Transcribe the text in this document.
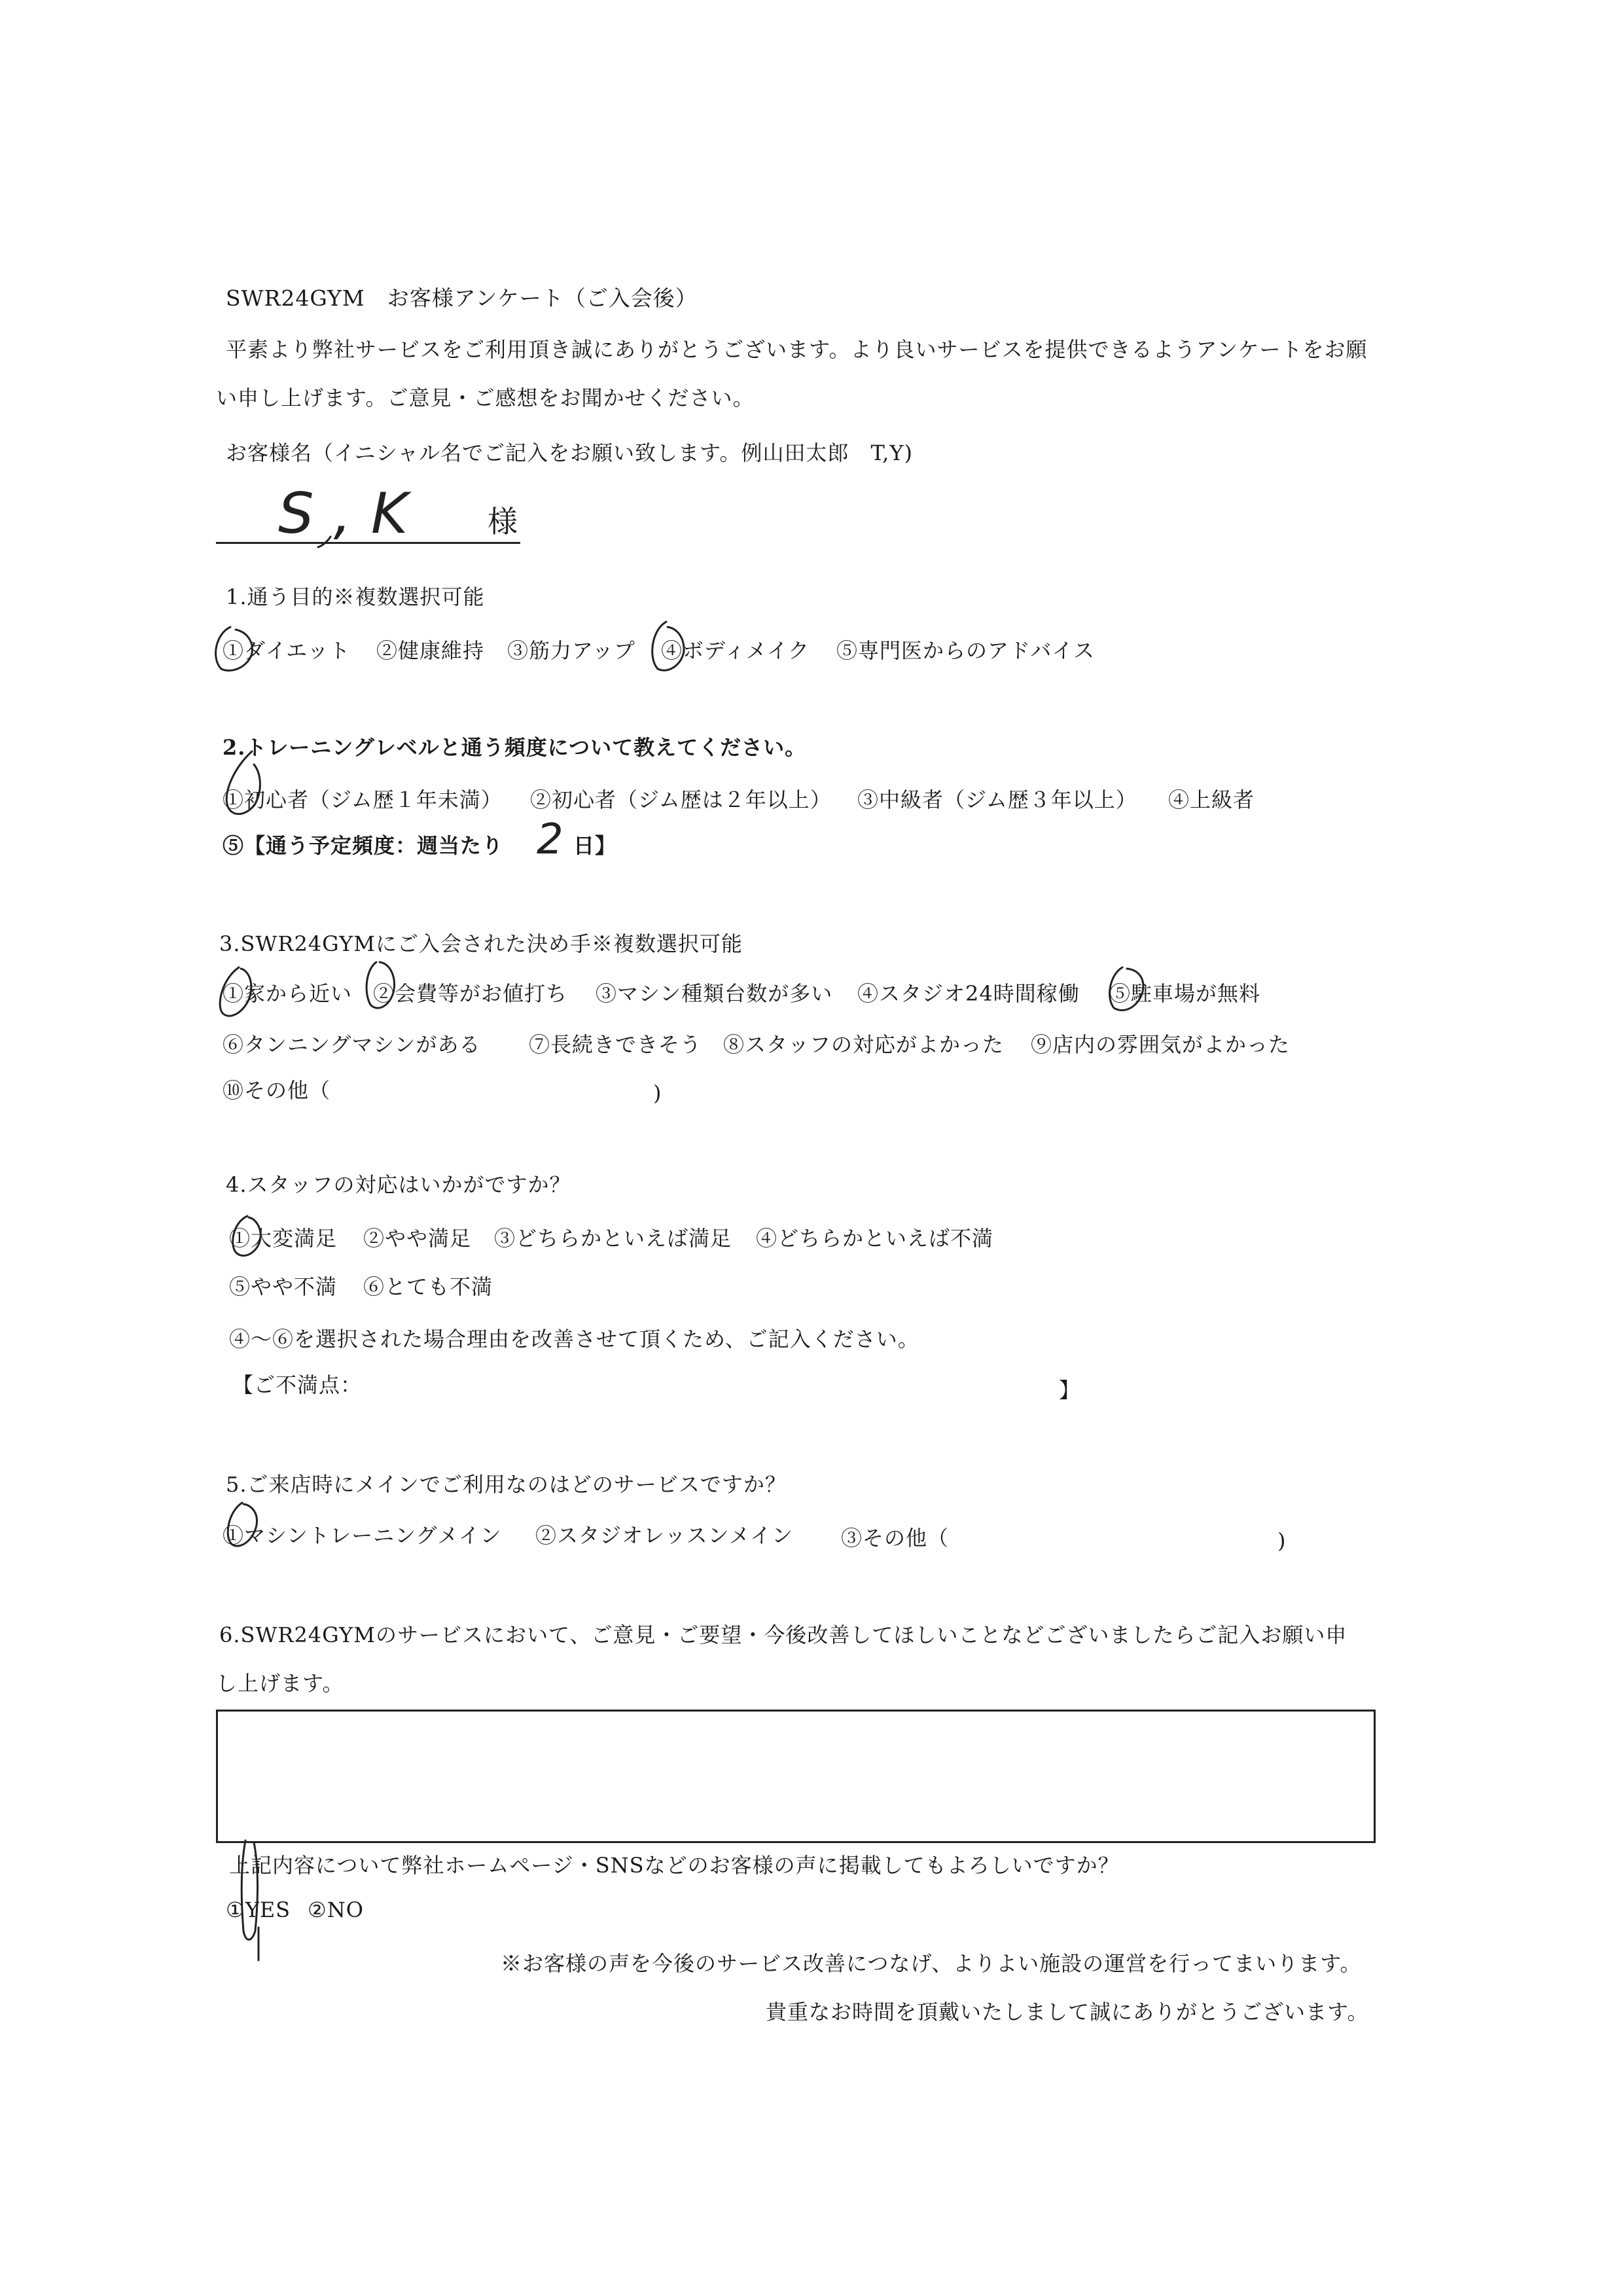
SWR24GYM　お客様アンケート（ご入会後）
平素より弊社サービスをご利用頂き誠にありがとうございます。より良いサービスを提供できるようアンケートをお願
い申し上げます。ご意見・ご感想をお聞かせください。
お客様名（イニシャル名でご記入をお願い致します。例山田太郎　T,Y)
S,K 様
1.通う目的※複数選択可能
①ダイエット ②健康維持 ③筋力アップ ④ボディメイク ⑤専門医からのアドバイス
2.トレーニングレベルと通う頻度について教えてください。
①初心者（ジム歴１年未満） ②初心者（ジム歴は２年以上） ③中級者（ジム歴３年以上） ④上級者
⑤【通う予定頻度：週当たり 2 日】
3.SWR24GYMにご入会された決め手※複数選択可能
①家から近い ②会費等がお値打ち ③マシン種類台数が多い ④スタジオ24時間稼働 ⑤駐車場が無料
⑥タンニングマシンがある ⑦長続きできそう ⑧スタッフの対応がよかった ⑨店内の雰囲気がよかった
⑩その他（	)
4.スタッフの対応はいかがですか？
①大変満足 ②やや満足 ③どちらかといえば満足 ④どちらかといえば不満
⑤やや不満 ⑥とても不満
④〜⑥を選択された場合理由を改善させて頂くため、ご記入ください。
【ご不満点：	】
5.ご来店時にメインでご利用なのはどのサービスですか？
①マシントレーニングメイン ②スタジオレッスンメイン ③その他（	)
6.SWR24GYMのサービスにおいて、ご意見・ご要望・今後改善してほしいことなどございましたらご記入お願い申
し上げます。
上記内容について弊社ホームページ・SNSなどのお客様の声に掲載してもよろしいですか？
①YES ②NO
※お客様の声を今後のサービス改善につなげ、よりよい施設の運営を行ってまいります。
貴重なお時間を頂戴いたしまして誠にありがとうございます。
